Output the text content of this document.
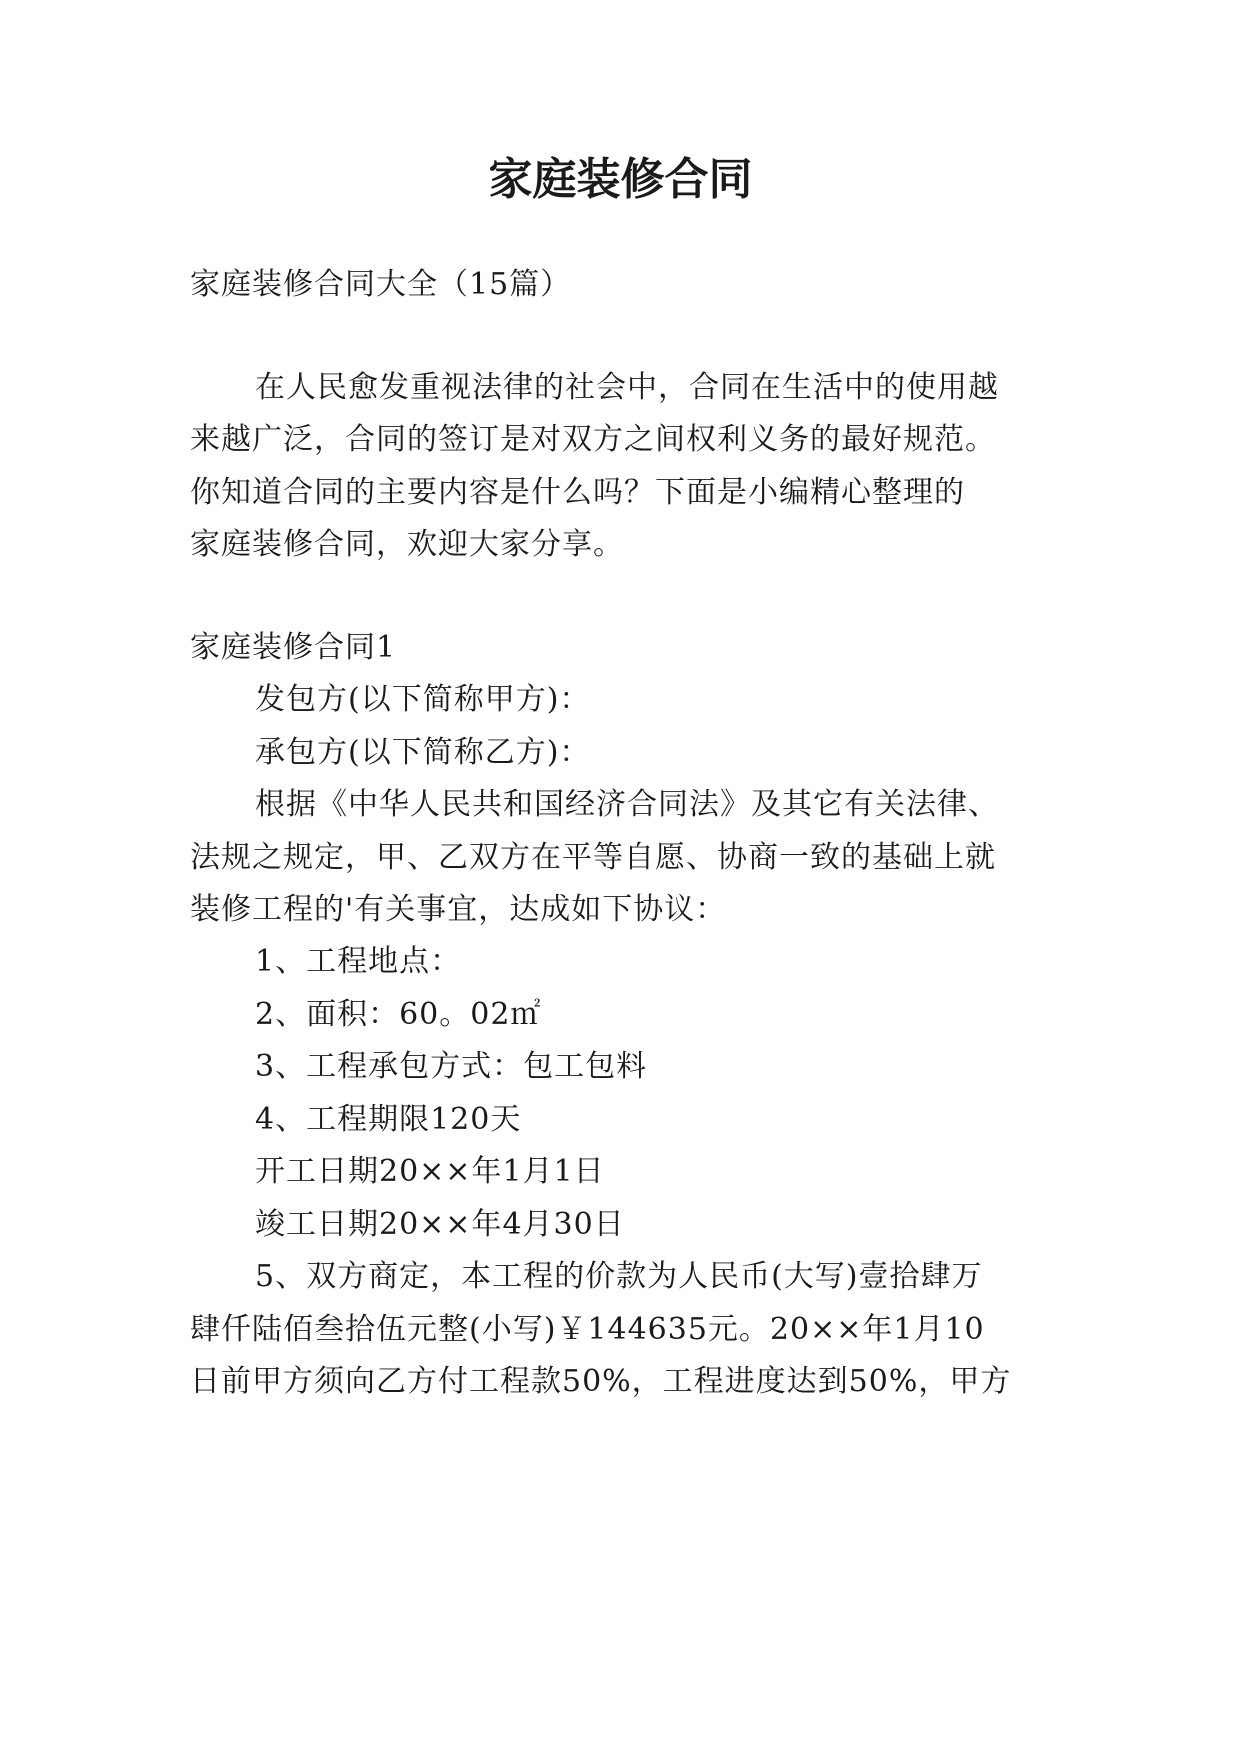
家庭装修合同
家庭装修合同大全（15篇）
在人民愈发重视法律的社会中，合同在生活中的使用越
来越广泛，合同的签订是对双方之间权利义务的最好规范。
你知道合同的主要内容是什么吗？下面是小编精心整理的
家庭装修合同，欢迎大家分享。
家庭装修合同1
发包方(以下简称甲方)：
承包方(以下简称乙方)：
根据《中华人民共和国经济合同法》及其它有关法律、
法规之规定，甲、乙双方在平等自愿、协商一致的基础上就
装修工程的'有关事宜，达成如下协议：
1、工程地点：
2、面积：60。02㎡
3、工程承包方式：包工包料
4、工程期限120天
开工日期20××年1月1日
竣工日期20××年4月30日
5、双方商定，本工程的价款为人民币(大写)壹拾肆万
肆仟陆佰叁拾伍元整(小写)￥144635元。20××年1月10
日前甲方须向乙方付工程款50%，工程进度达到50%，甲方
